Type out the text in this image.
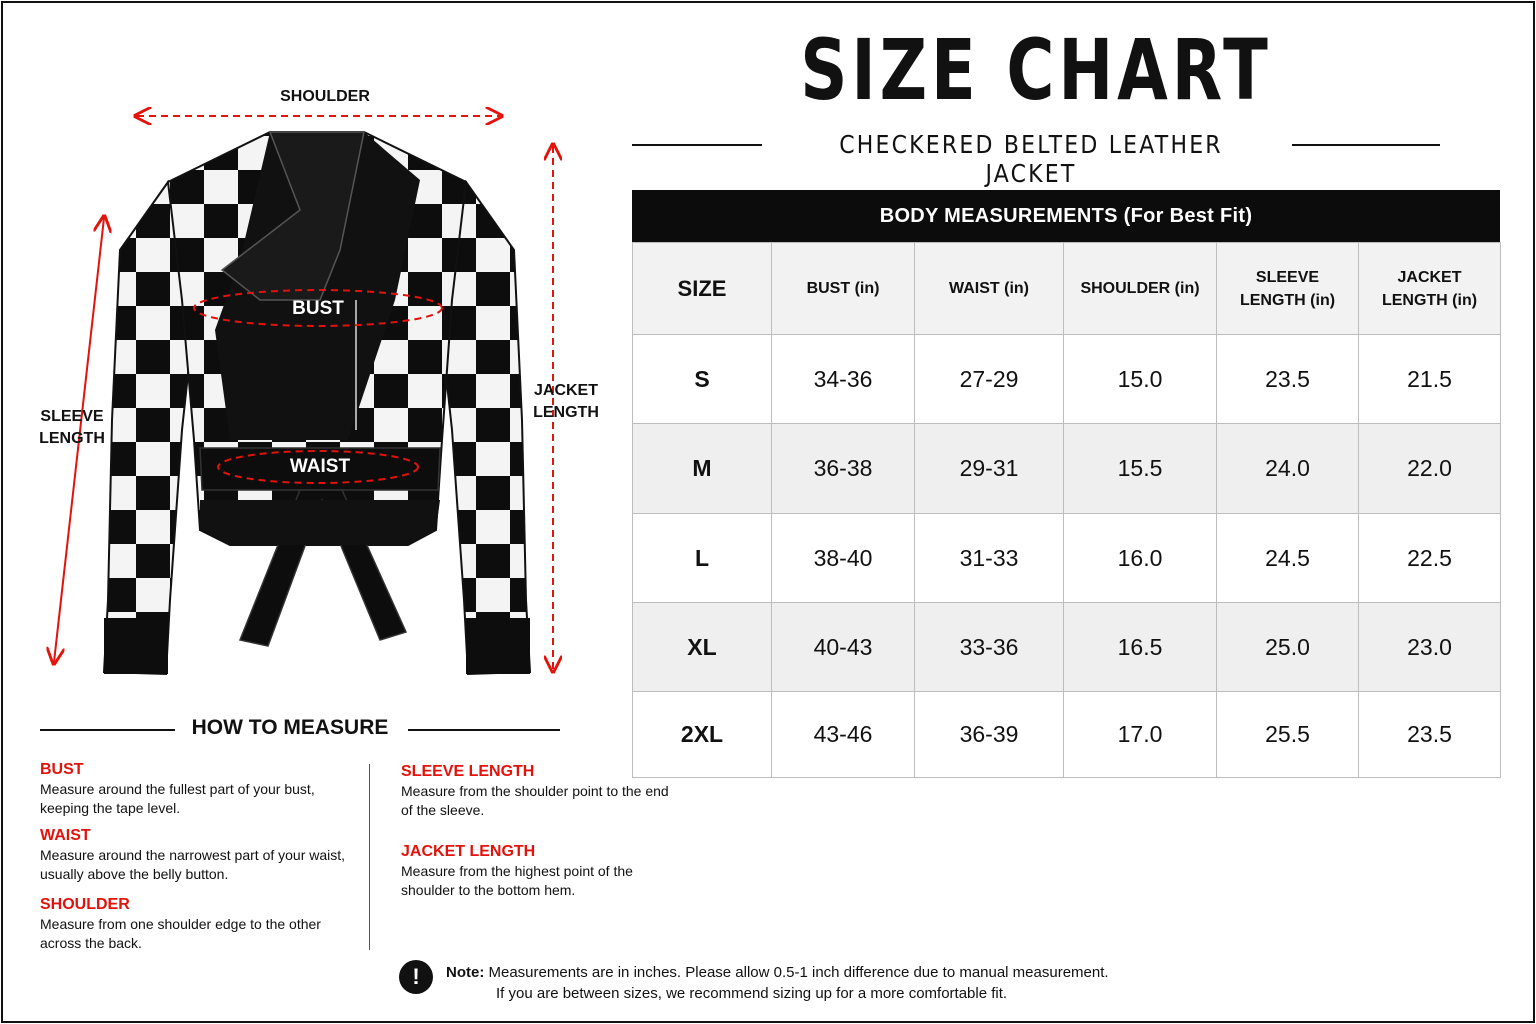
SIZE CHART
CHECKERED BELTED LEATHER JACKET
BODY MEASUREMENTS (For Best Fit)
SIZE	BUST (in)	WAIST (in)	SHOULDER (in)	SLEEVE LENGTH (in)	JACKET LENGTH (in)
S	34-36	27-29	15.0	23.5	21.5
M	36-38	29-31	15.5	24.0	22.0
L	38-40	31-33	16.0	24.5	22.5
XL	40-43	33-36	16.5	25.0	23.0
2XL	43-46	36-39	17.0	25.5	23.5
SHOULDER
BUST
WAIST
SLEEVE LENGTH
JACKET LENGTH
HOW TO MEASURE
BUST
Measure around the fullest part of your bust, keeping the tape level.
WAIST
Measure around the narrowest part of your waist, usually above the belly button.
SHOULDER
Measure from one shoulder edge to the other across the back.
SLEEVE LENGTH
Measure from the shoulder point to the end of the sleeve.
JACKET LENGTH
Measure from the highest point of the shoulder to the bottom hem.
!	Note: Measurements are in inches. Please allow 0.5-1 inch difference due to manual measurement.
If you are between sizes, we recommend sizing up for a more comfortable fit.
